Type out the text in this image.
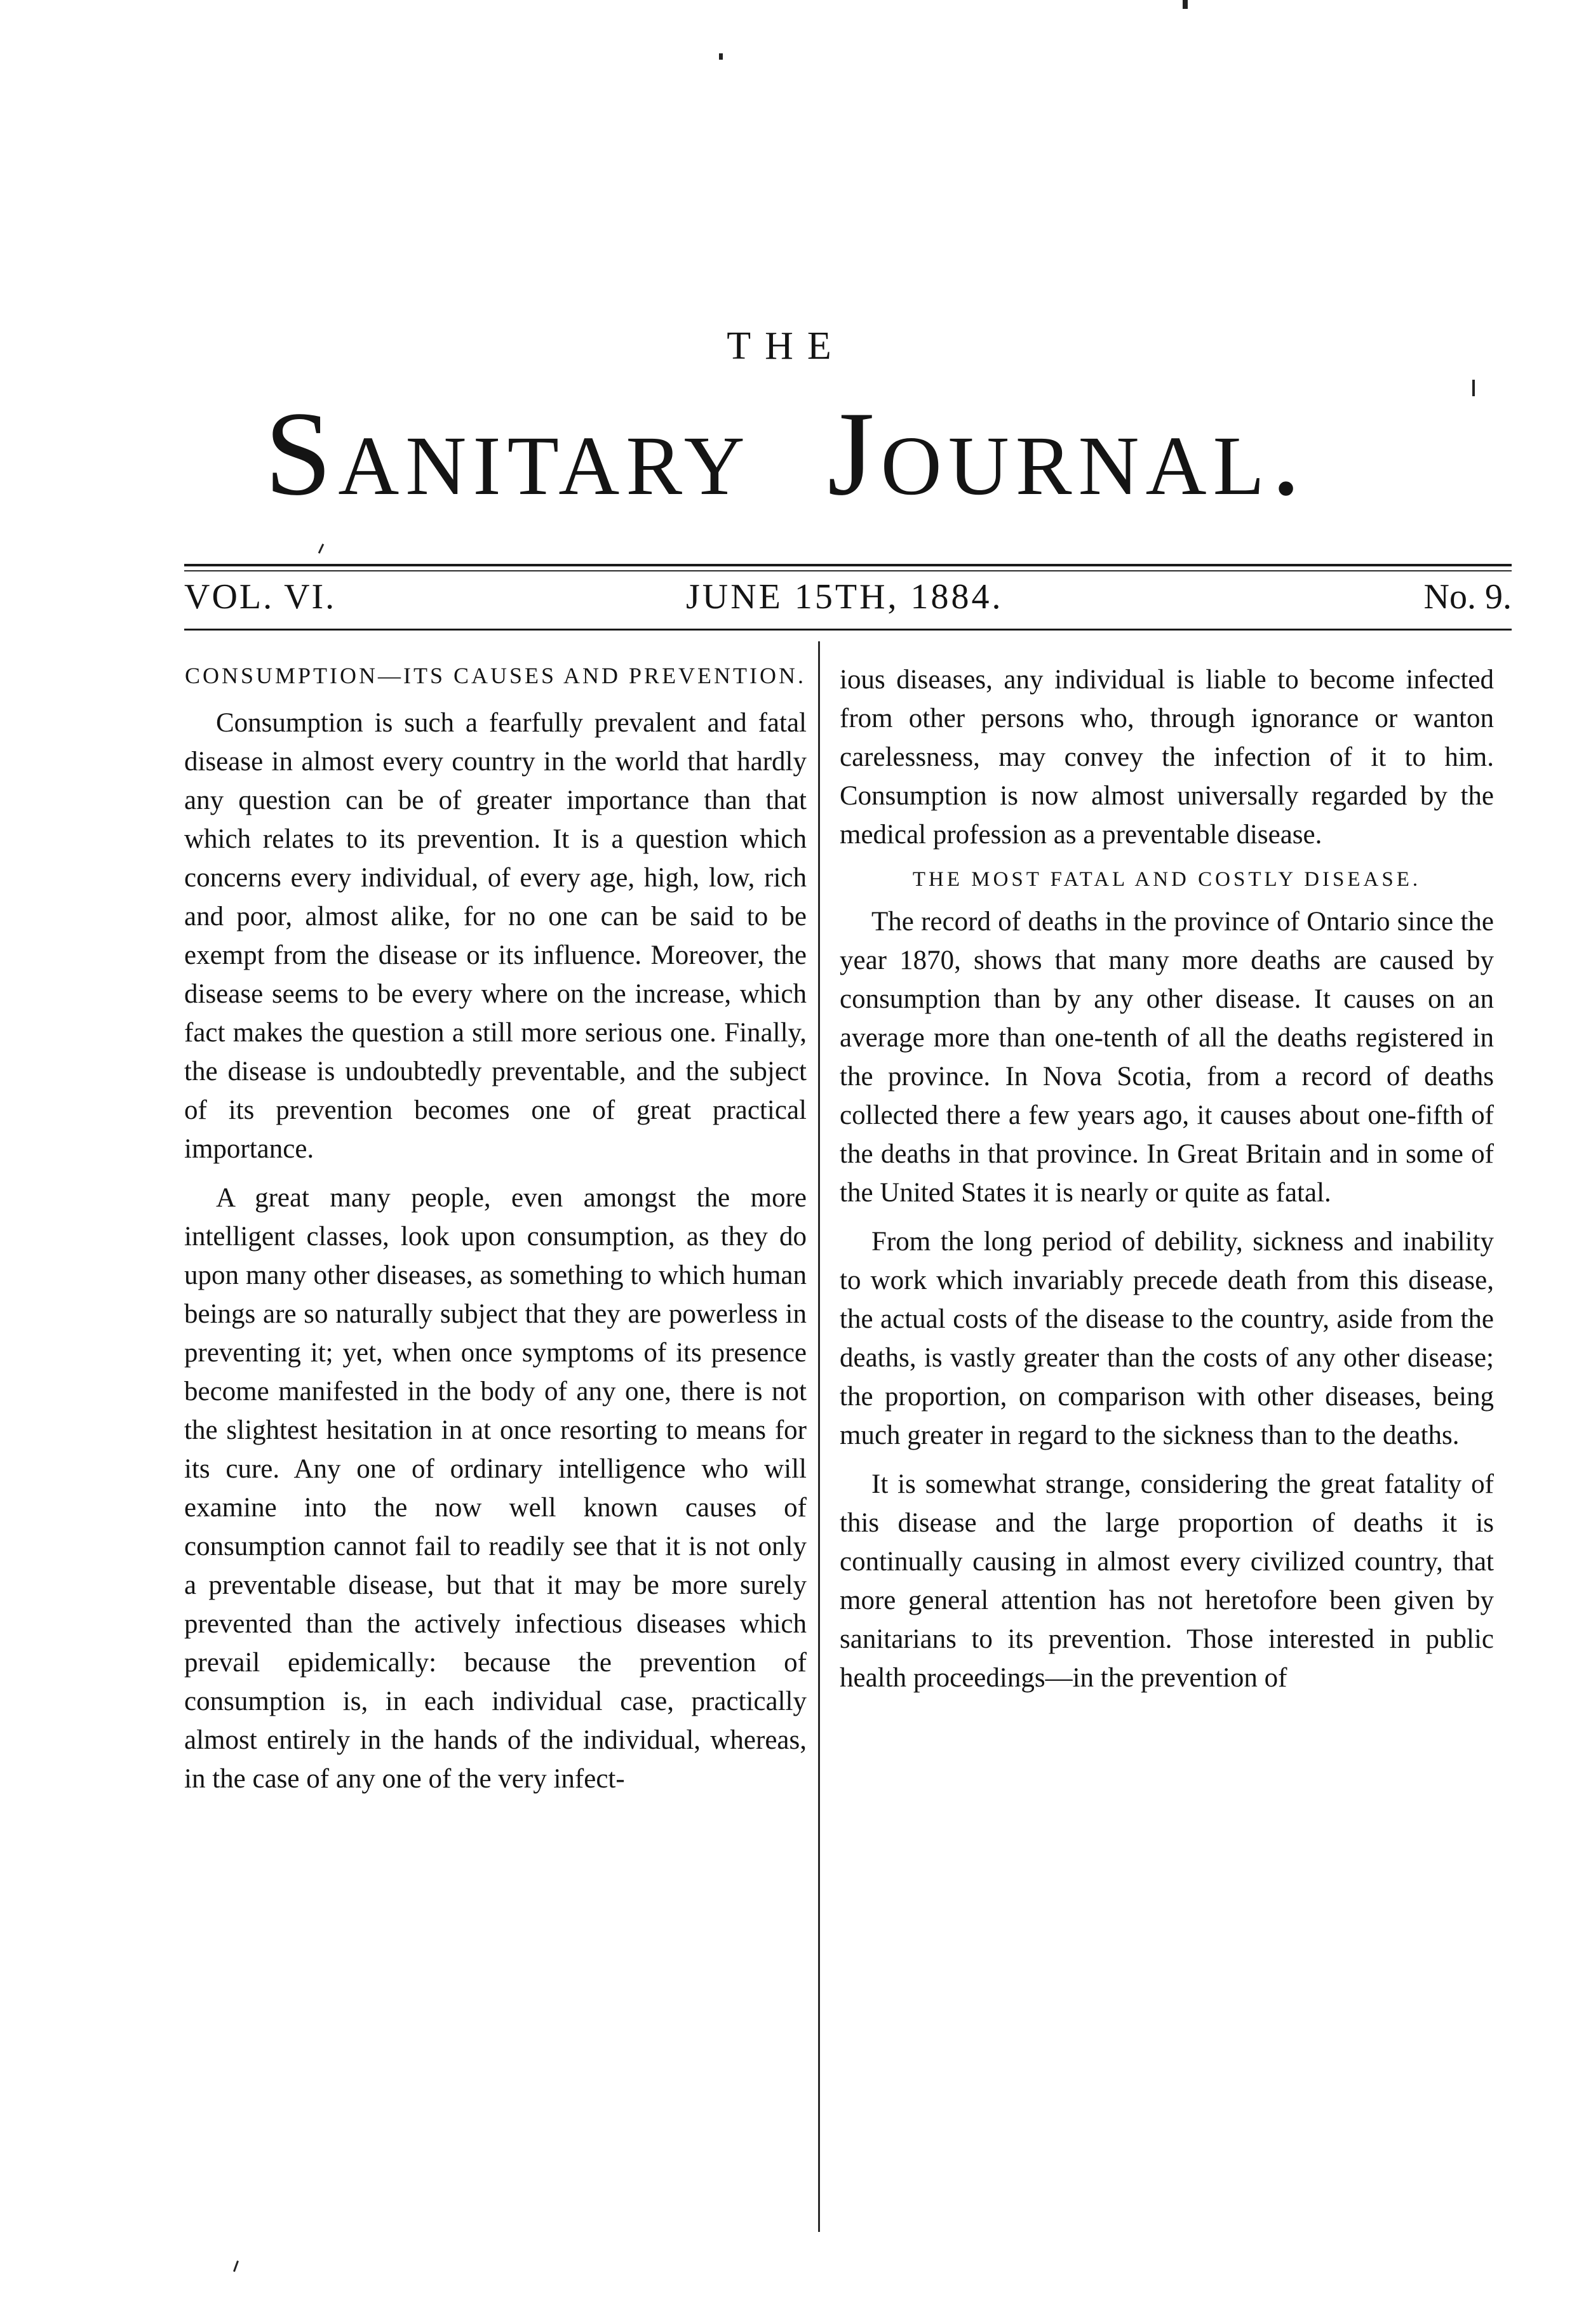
THE
Sanitary Journal.
VOL. VI.	JUNE 15TH, 1884.	No. 9.
CONSUMPTION—ITS CAUSES AND PREVENTION.

Consumption is such a fearfully prevalent and fatal disease in almost every country in the world that hardly any question can be of greater importance than that which relates to its prevention. It is a question which concerns every individual, of every age, high, low, rich and poor, almost alike, for no one can be said to be exempt from the disease or its influence. Moreover, the disease seems to be every where on the increase, which fact makes the question a still more serious one. Finally, the disease is undoubtedly preventable, and the subject of its prevention becomes one of great practical importance.

A great many people, even amongst the more intelligent classes, look upon consumption, as they do upon many other diseases, as something to which human beings are so naturally subject that they are powerless in preventing it; yet, when once symptoms of its presence become manifested in the body of any one, there is not the slightest hesitation in at once resorting to means for its cure. Any one of ordinary intelligence who will examine into the now well known causes of consumption cannot fail to readily see that it is not only a preventable disease, but that it may be more surely prevented than the actively infectious diseases which prevail epidemically: because the prevention of consumption is, in each individual case, practically almost entirely in the hands of the individual, whereas, in the case of any one of the very infect-

ious diseases, any individual is liable to become infected from other persons who, through ignorance or wanton carelessness, may convey the infection of it to him. Consumption is now almost universally regarded by the medical profession as a preventable disease.

THE MOST FATAL AND COSTLY DISEASE.

The record of deaths in the province of Ontario since the year 1870, shows that many more deaths are caused by consumption than by any other disease. It causes on an average more than one-tenth of all the deaths registered in the province. In Nova Scotia, from a record of deaths collected there a few years ago, it causes about one-fifth of the deaths in that province. In Great Britain and in some of the United States it is nearly or quite as fatal.

From the long period of debility, sickness and inability to work which invariably precede death from this disease, the actual costs of the disease to the country, aside from the deaths, is vastly greater than the costs of any other disease; the proportion, on comparison with other diseases, being much greater in regard to the sickness than to the deaths.

It is somewhat strange, considering the great fatality of this disease and the large proportion of deaths it is continually causing in almost every civilized country, that more general attention has not heretofore been given by sanitarians to its prevention. Those interested in public health proceedings—in the prevention of
